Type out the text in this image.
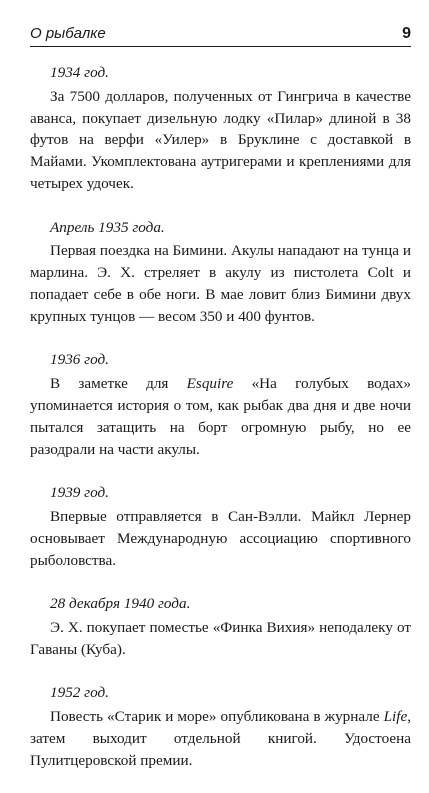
О рыбалке	9

1934 год.

За 7500 долларов, полученных от Гингрича в качестве аванса, покупает дизельную лодку «Пилар» длиной в 38 футов на верфи «Уилер» в Бруклине с доставкой в Майами. Укомплектована аутригерами и креплениями для четырех удочек.

Апрель 1935 года.

Первая поездка на Бимини. Акулы нападают на тунца и марлина. Э. Х. стреляет в акулу из пистолета Colt и попадает себе в обе ноги. В мае ловит близ Бимини двух крупных тунцов — весом 350 и 400 фунтов.

1936 год.

В заметке для Esquire «На голубых водах» упоминается история о том, как рыбак два дня и две ночи пытался затащить на борт огромную рыбу, но ее разодрали на части акулы.

1939 год.

Впервые отправляется в Сан-Вэлли. Майкл Лернер основывает Международную ассоциацию спортивного рыболовства.

28 декабря 1940 года.

Э. Х. покупает поместье «Финка Вихия» неподалеку от Гаваны (Куба).

1952 год.

Повесть «Старик и море» опубликована в журнале Life, затем выходит отдельной книгой. Удостоена Пулитцеровской премии.
